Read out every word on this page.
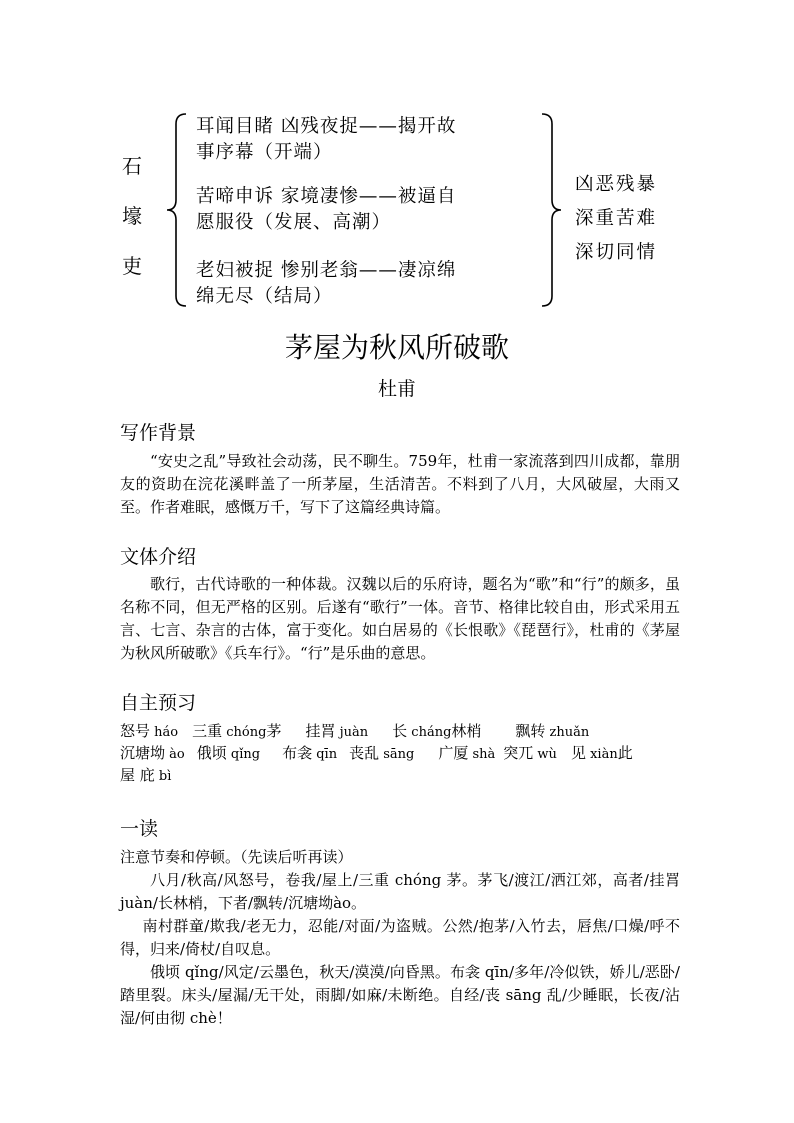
石
壕
吏
耳闻目睹 凶残夜捉——揭开故
事序幕（开端）
苦啼申诉 家境凄惨——被逼自
愿服役（发展、高潮）
老妇被捉 惨别老翁——凄凉绵
绵无尽（结局）
凶恶残暴
深重苦难
深切同情
茅屋为秋风所破歌
杜甫
写作背景

“安史之乱”导致社会动荡，民不聊生。759年，杜甫一家流落到四川成都，靠朋友的资助在浣花溪畔盖了一所茅屋，生活清苦。不料到了八月，大风破屋，大雨又至。作者难眠，感慨万千，写下了这篇经典诗篇。

文体介绍

歌行，古代诗歌的一种体裁。汉魏以后的乐府诗，题名为“歌”和“行”的颇多，虽名称不同，但无严格的区别。后遂有“歌行”一体。音节、格律比较自由，形式采用五言、七言、杂言的古体，富于变化。如白居易的《长恨歌》《琵琶行》，杜甫的《茅屋为秋风所破歌》《兵车行》。“行”是乐曲的意思。

自主预习
怒号 háo 三重 chóng茅 挂罥 juàn 长 cháng林梢 飘转 zhuǎn
沉塘坳 ào 俄顷 qǐng 布衾 qīn 丧乱 sāng 广厦 shà 突兀 wù 见 xiàn此
屋 庇 bì
一读

注意节奏和停顿。（先读后听再读）

八月/秋高/风怒号，卷我/屋上/三重 chóng 茅。茅飞/渡江/洒江郊，高者/挂罥 juàn/长林梢，下者/飘转/沉塘坳ào。

南村群童/欺我/老无力，忍能/对面/为盗贼。公然/抱茅/入竹去，唇焦/口燥/呼不得，归来/倚杖/自叹息。

俄顷 qǐng/风定/云墨色，秋天/漠漠/向昏黑。布衾 qīn/多年/冷似铁，娇儿/恶卧/踏里裂。床头/屋漏/无干处，雨脚/如麻/未断绝。自经/丧 sāng 乱/少睡眠，长夜/沾湿/何由彻 chè！
